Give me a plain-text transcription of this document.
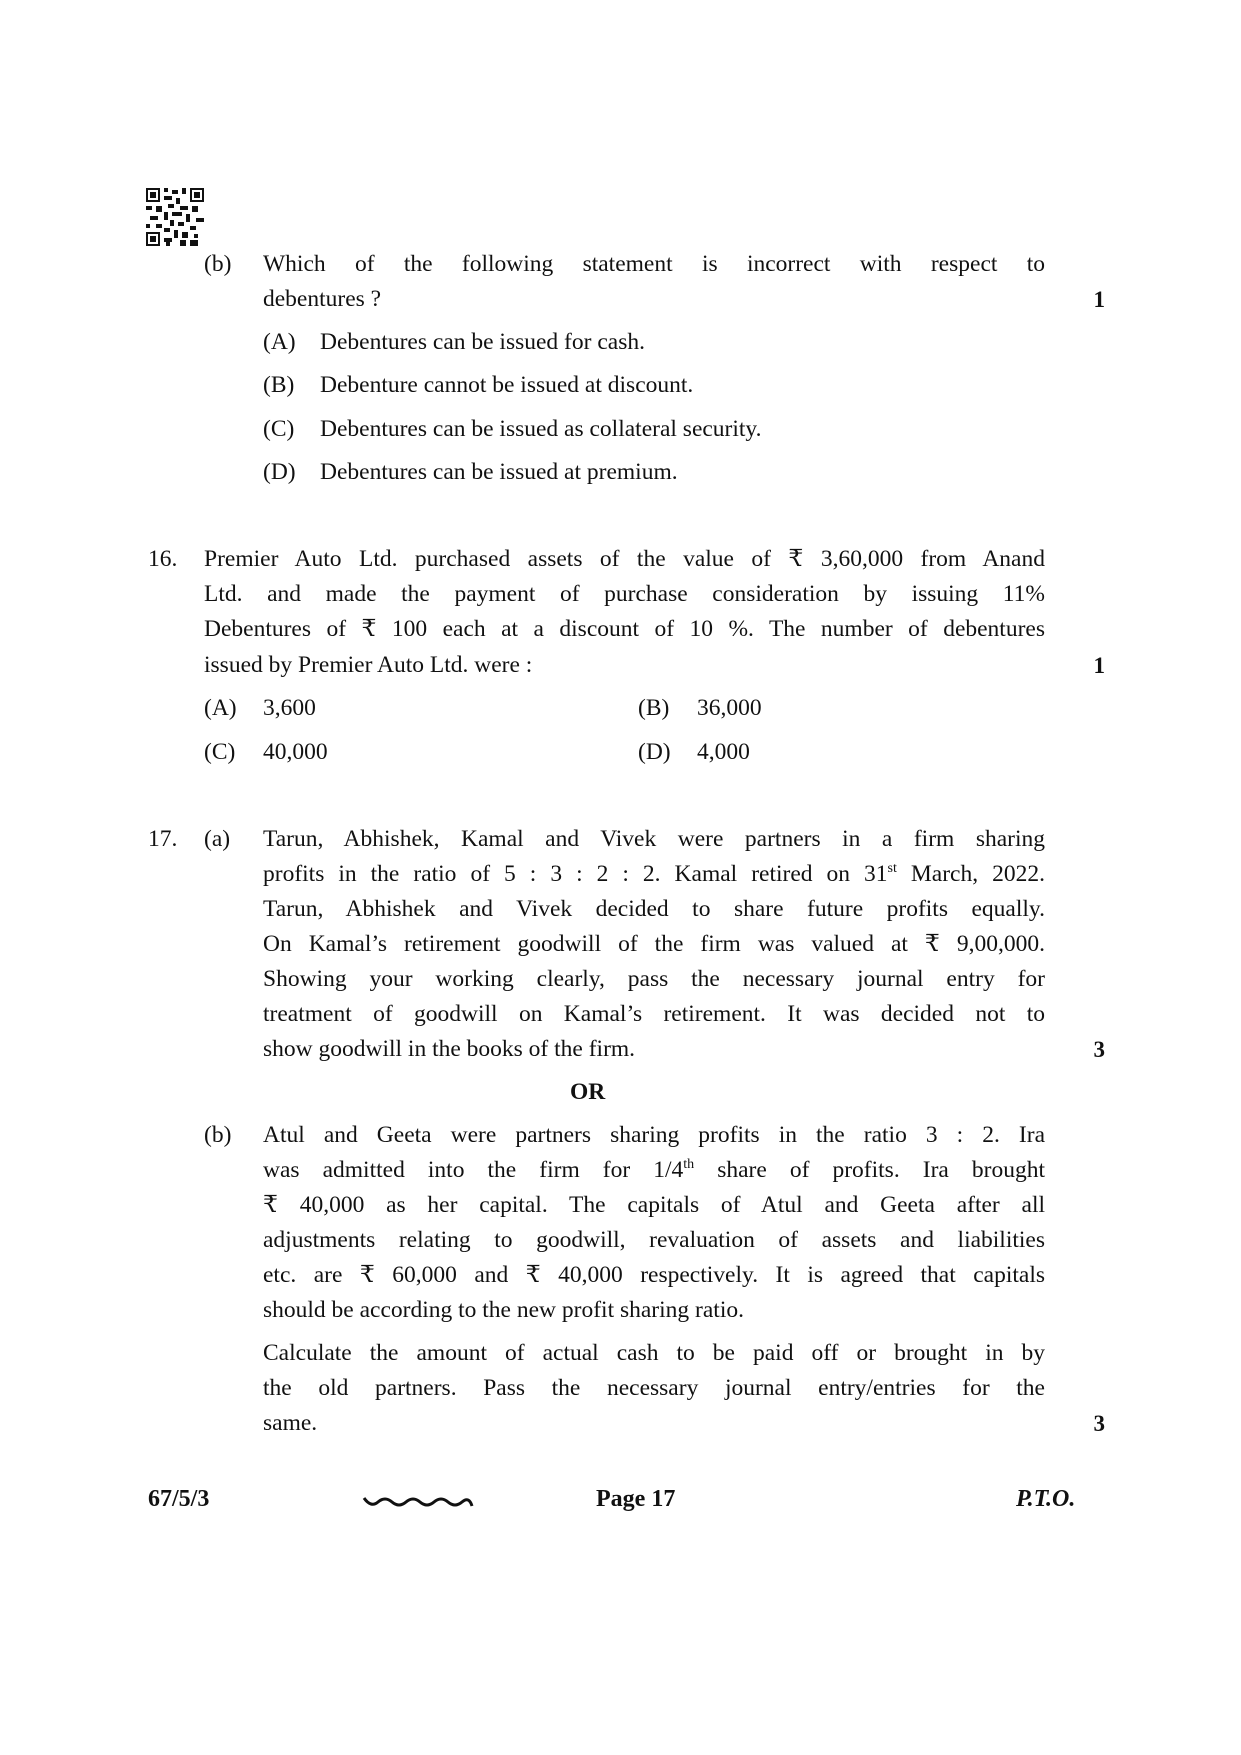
(b) Which of the following statement is incorrect with respect to
debentures ?	1
(A) Debentures can be issued for cash.
(B) Debenture cannot be issued at discount.
(C) Debentures can be issued as collateral security.
(D) Debentures can be issued at premium.
16. Premier Auto Ltd. purchased assets of the value of ₹ 3,60,000 from Anand
Ltd. and made the payment of purchase consideration by issuing 11%
Debentures of ₹ 100 each at a discount of 10 %. The number of debentures
issued by Premier Auto Ltd. were :	1
(A) 3,600	(B) 36,000
(C) 40,000	(D) 4,000
17. (a) Tarun, Abhishek, Kamal and Vivek were partners in a firm sharing
profits in the ratio of 5 : 3 : 2 : 2. Kamal retired on 31st March, 2022.
Tarun, Abhishek and Vivek decided to share future profits equally.
On Kamal’s retirement goodwill of the firm was valued at ₹ 9,00,000.
Showing your working clearly, pass the necessary journal entry for
treatment of goodwill on Kamal’s retirement. It was decided not to
show goodwill in the books of the firm.	3
OR
(b) Atul and Geeta were partners sharing profits in the ratio 3 : 2. Ira
was admitted into the firm for 1/4th share of profits. Ira brought
₹ 40,000 as her capital. The capitals of Atul and Geeta after all
adjustments relating to goodwill, revaluation of assets and liabilities
etc. are ₹ 60,000 and ₹ 40,000 respectively. It is agreed that capitals
should be according to the new profit sharing ratio.
Calculate the amount of actual cash to be paid off or brought in by
the old partners. Pass the necessary journal entry/entries for the
same.	3
67/5/3	Page 17	P.T.O.
